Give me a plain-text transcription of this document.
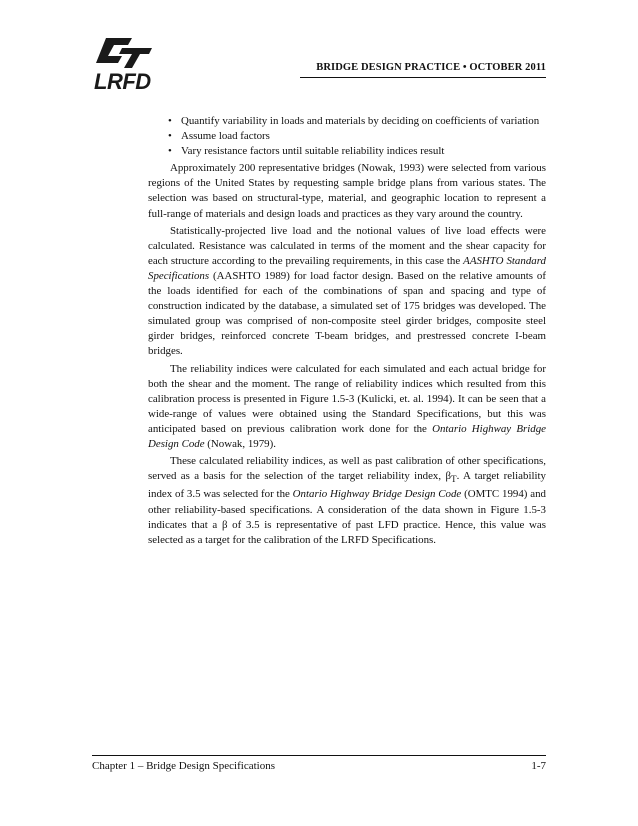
LRFD
BRIDGE DESIGN PRACTICE • OCTOBER 2011
• Quantify variability in loads and materials by deciding on coefficients of variation
• Assume load factors
• Vary resistance factors until suitable reliability indices result

Approximately 200 representative bridges (Nowak, 1993) were selected from various regions of the United States by requesting sample bridge plans from various states. The selection was based on structural-type, material, and geographic location to represent a full-range of materials and design loads and practices as they vary around the country.

Statistically-projected live load and the notional values of live load effects were calculated. Resistance was calculated in terms of the moment and the shear capacity for each structure according to the prevailing requirements, in this case the AASHTO Standard Specifications (AASHTO 1989) for load factor design. Based on the relative amounts of the loads identified for each of the combinations of span and spacing and type of construction indicated by the database, a simulated set of 175 bridges was developed. The simulated group was comprised of non-composite steel girder bridges, composite steel girder bridges, reinforced concrete T-beam bridges, and prestressed concrete I-beam bridges.

The reliability indices were calculated for each simulated and each actual bridge for both the shear and the moment. The range of reliability indices which resulted from this calibration process is presented in Figure 1.5-3 (Kulicki, et. al. 1994). It can be seen that a wide-range of values were obtained using the Standard Specifications, but this was anticipated based on previous calibration work done for the Ontario Highway Bridge Design Code (Nowak, 1979).

These calculated reliability indices, as well as past calibration of other specifications, served as a basis for the selection of the target reliability index, $\beta_T$. A target reliability index of 3.5 was selected for the Ontario Highway Bridge Design Code (OMTC 1994) and other reliability-based specifications. A consideration of the data shown in Figure 1.5-3 indicates that a β of 3.5 is representative of past LFD practice. Hence, this value was selected as a target for the calibration of the LRFD Specifications.

Chapter 1 – Bridge Design Specifications	1-7
